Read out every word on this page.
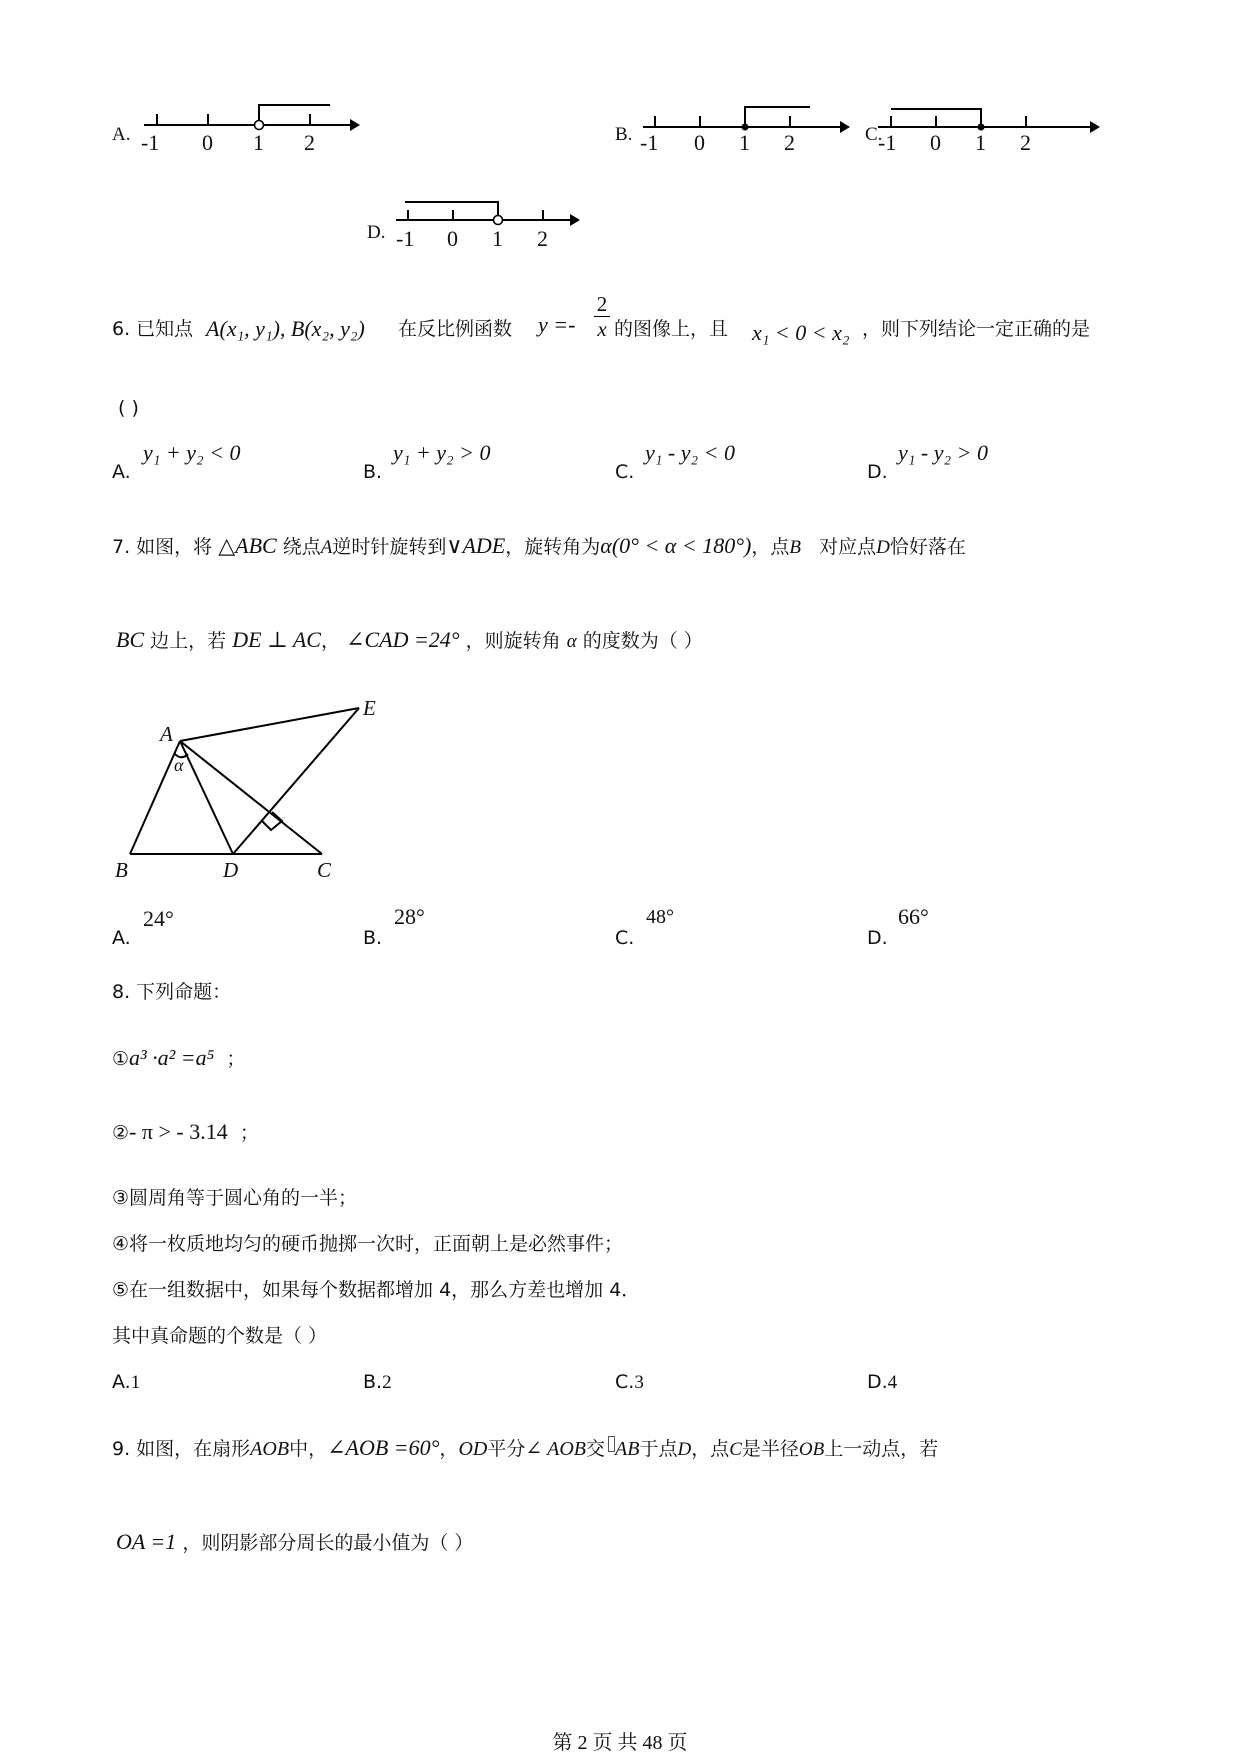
A. -1 0 1 2	B. -1 0 1 2	C.
-1 0 1 2
D. -1 0 1 2
6. 已知点 A(x₁, y₁), B(x₂, y₂) 在反比例函数 y =-
2
x 的图像上，且 x₁ < 0 < x₂ ，则下列结论一定正确的是
( )
A.
y₁ + y₂ < 0
B.
y₁ + y₂ > 0
C.
y₁ - y₂ < 0
D.
y₁ - y₂ > 0
7. 如图，将 △ABC 绕点A逆时针旋转到∨ADE，旋转角为α(0° < α < 180°)，点B 对应点D恰好落在
BC 边上，若 DE ⊥ AC， ∠CAD =24° ，则旋转角 α 的度数为（ ）
A
E
α
B	D	C
A.
24°
B.
28°
C.
48°
D.
66°
8. 下列命题：
①a³ ·a² =a⁵ ；
②- π > - 3.14 ；
③圆周角等于圆心角的一半；
④将一枚质地均匀的硬币抛掷一次时，正面朝上是必然事件；
⑤在一组数据中，如果每个数据都增加 4，那么方差也增加 4．
其中真命题的个数是（ ）
A.1	B.2	C.3	D.4
9. 如图，在扇形AOB中，∠AOB =60°，OD平分∠ AOB交 AB于点D，点C是半径OB上一动点，若
OA =1 ，则阴影部分周长的最小值为（ ）
第 2 页 共 48 页
